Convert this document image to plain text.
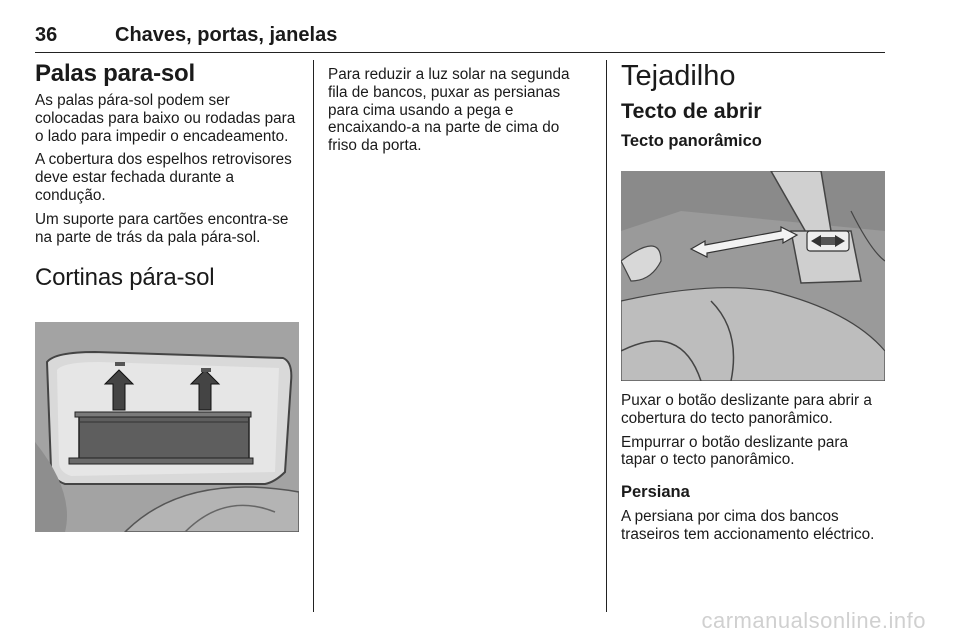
36	Chaves, portas, janelas
Palas para-sol

As palas pára-sol podem ser colocadas para baixo ou rodadas para o lado para impedir o encadeamento.

A cobertura dos espelhos retrovisores deve estar fechada durante a condução.

Um suporte para cartões encontra-se na parte de trás da pala pára-sol.

Cortinas pára-sol

Para reduzir a luz solar na segunda fila de bancos, puxar as persianas para cima usando a pega e encaixando-a na parte de cima do friso da porta.

Tejadilho
Tecto de abrir
Tecto panorâmico

Puxar o botão deslizante para abrir a cobertura do tecto panorâmico.

Empurrar o botão deslizante para tapar o tecto panorâmico.

Persiana

A persiana por cima dos bancos traseiros tem accionamento eléctrico.

carmanualsonline.info
